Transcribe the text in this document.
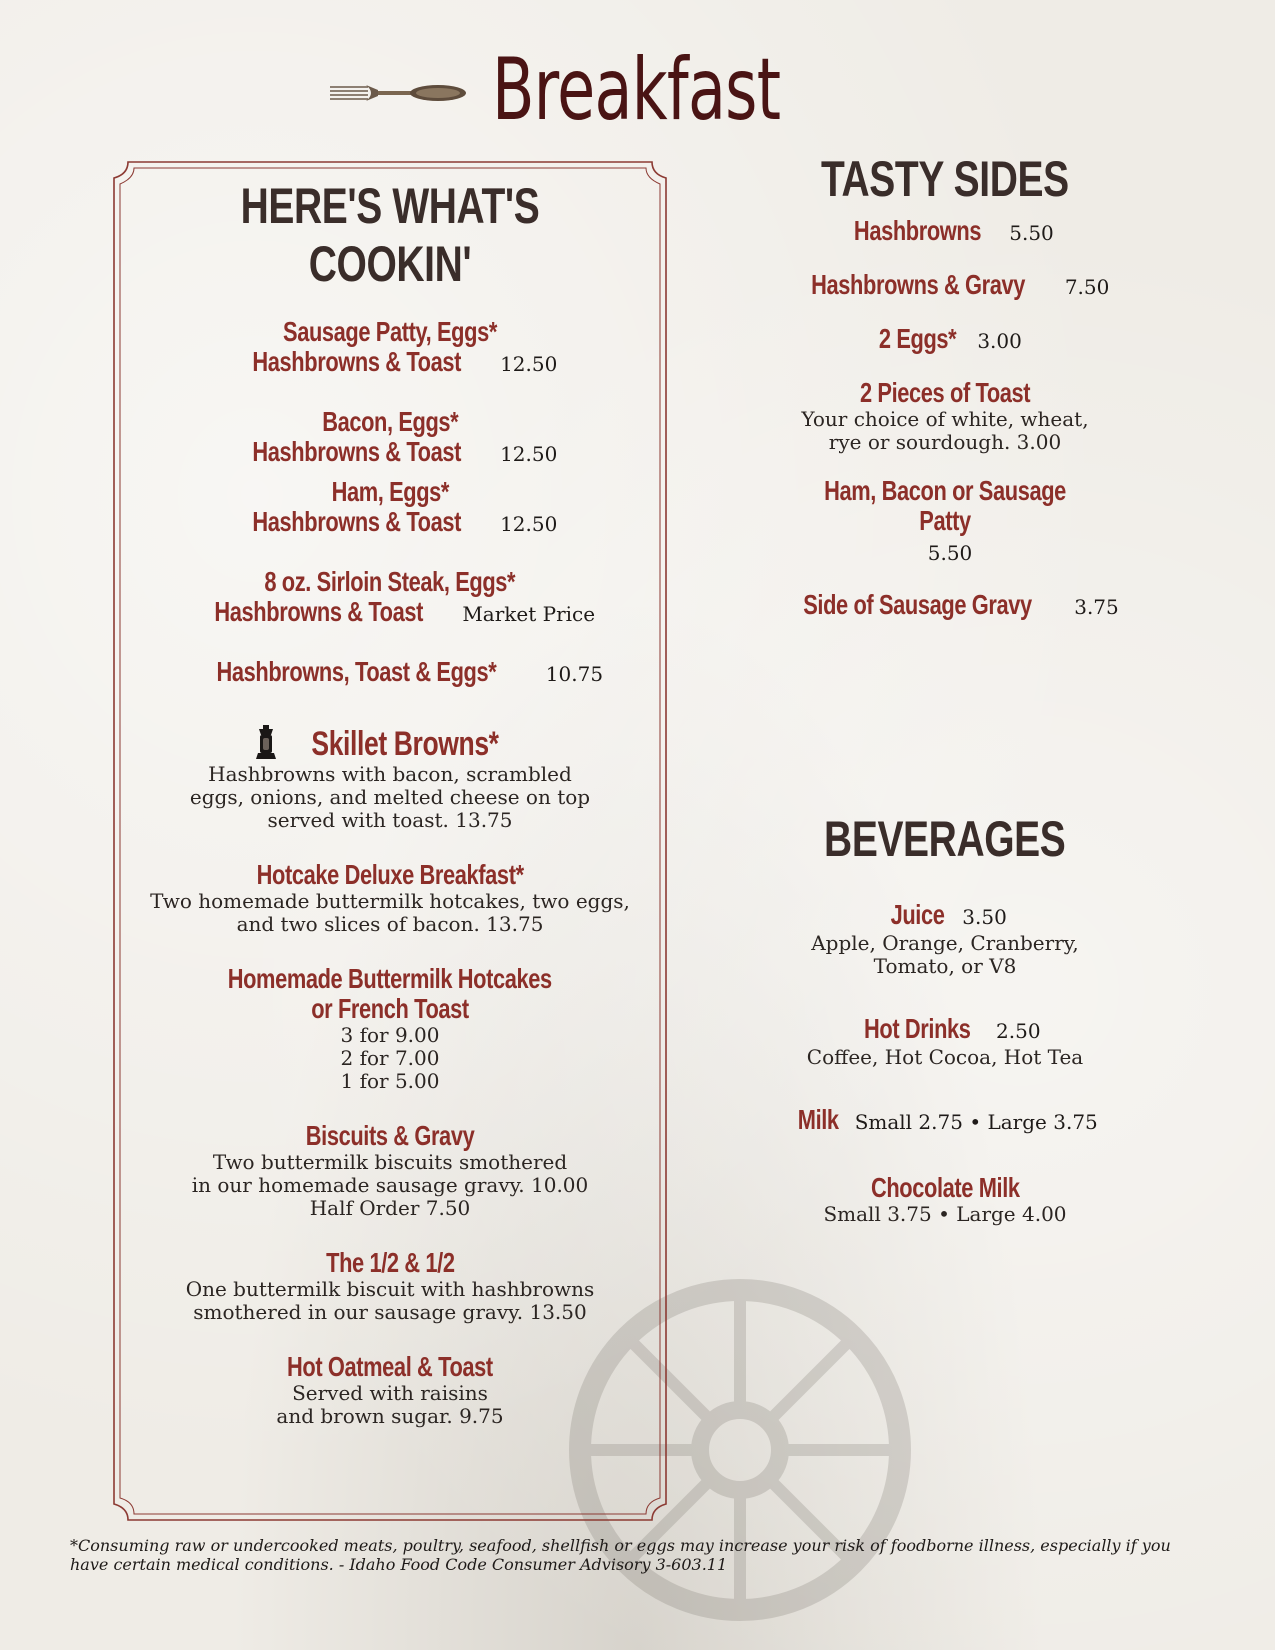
Breakfast
HERE'S WHAT'S COOKIN'
Sausage Patty, Eggs*
Hashbrowns & Toast 12.50
Bacon, Eggs*
Hashbrowns & Toast 12.50
Ham, Eggs*
Hashbrowns & Toast 12.50
8 oz. Sirloin Steak, Eggs*
Hashbrowns & Toast Market Price
Hashbrowns, Toast & Eggs* 10.75
Skillet Browns*
Hashbrowns with bacon, scrambled
eggs, onions, and melted cheese on top
served with toast. 13.75
Hotcake Deluxe Breakfast*
Two homemade buttermilk hotcakes, two eggs,
and two slices of bacon. 13.75
Homemade Buttermilk Hotcakes
or French Toast
3 for 9.00
2 for 7.00
1 for 5.00
Biscuits & Gravy
Two buttermilk biscuits smothered
in our homemade sausage gravy. 10.00
Half Order 7.50
The 1/2 & 1/2
One buttermilk biscuit with hashbrowns
smothered in our sausage gravy. 13.50
Hot Oatmeal & Toast
Served with raisins
and brown sugar. 9.75
TASTY SIDES
Hashbrowns 5.50
Hashbrowns & Gravy 7.50
2 Eggs* 3.00
2 Pieces of Toast
Your choice of white, wheat,
rye or sourdough. 3.00
Ham, Bacon or Sausage Patty5.50
Side of Sausage Gravy 3.75
BEVERAGES
Juice 3.50
Apple, Orange, Cranberry,
Tomato, or V8
Hot Drinks 2.50
Coffee, Hot Cocoa, Hot Tea
Milk Small 2.75 • Large 3.75
Chocolate Milk
Small 3.75 • Large 4.00
*Consuming raw or undercooked meats, poultry, seafood, shellfish or eggs may increase your risk of foodborne illness, especially if you have certain medical conditions. - Idaho Food Code Consumer Advisory 3-603.11
